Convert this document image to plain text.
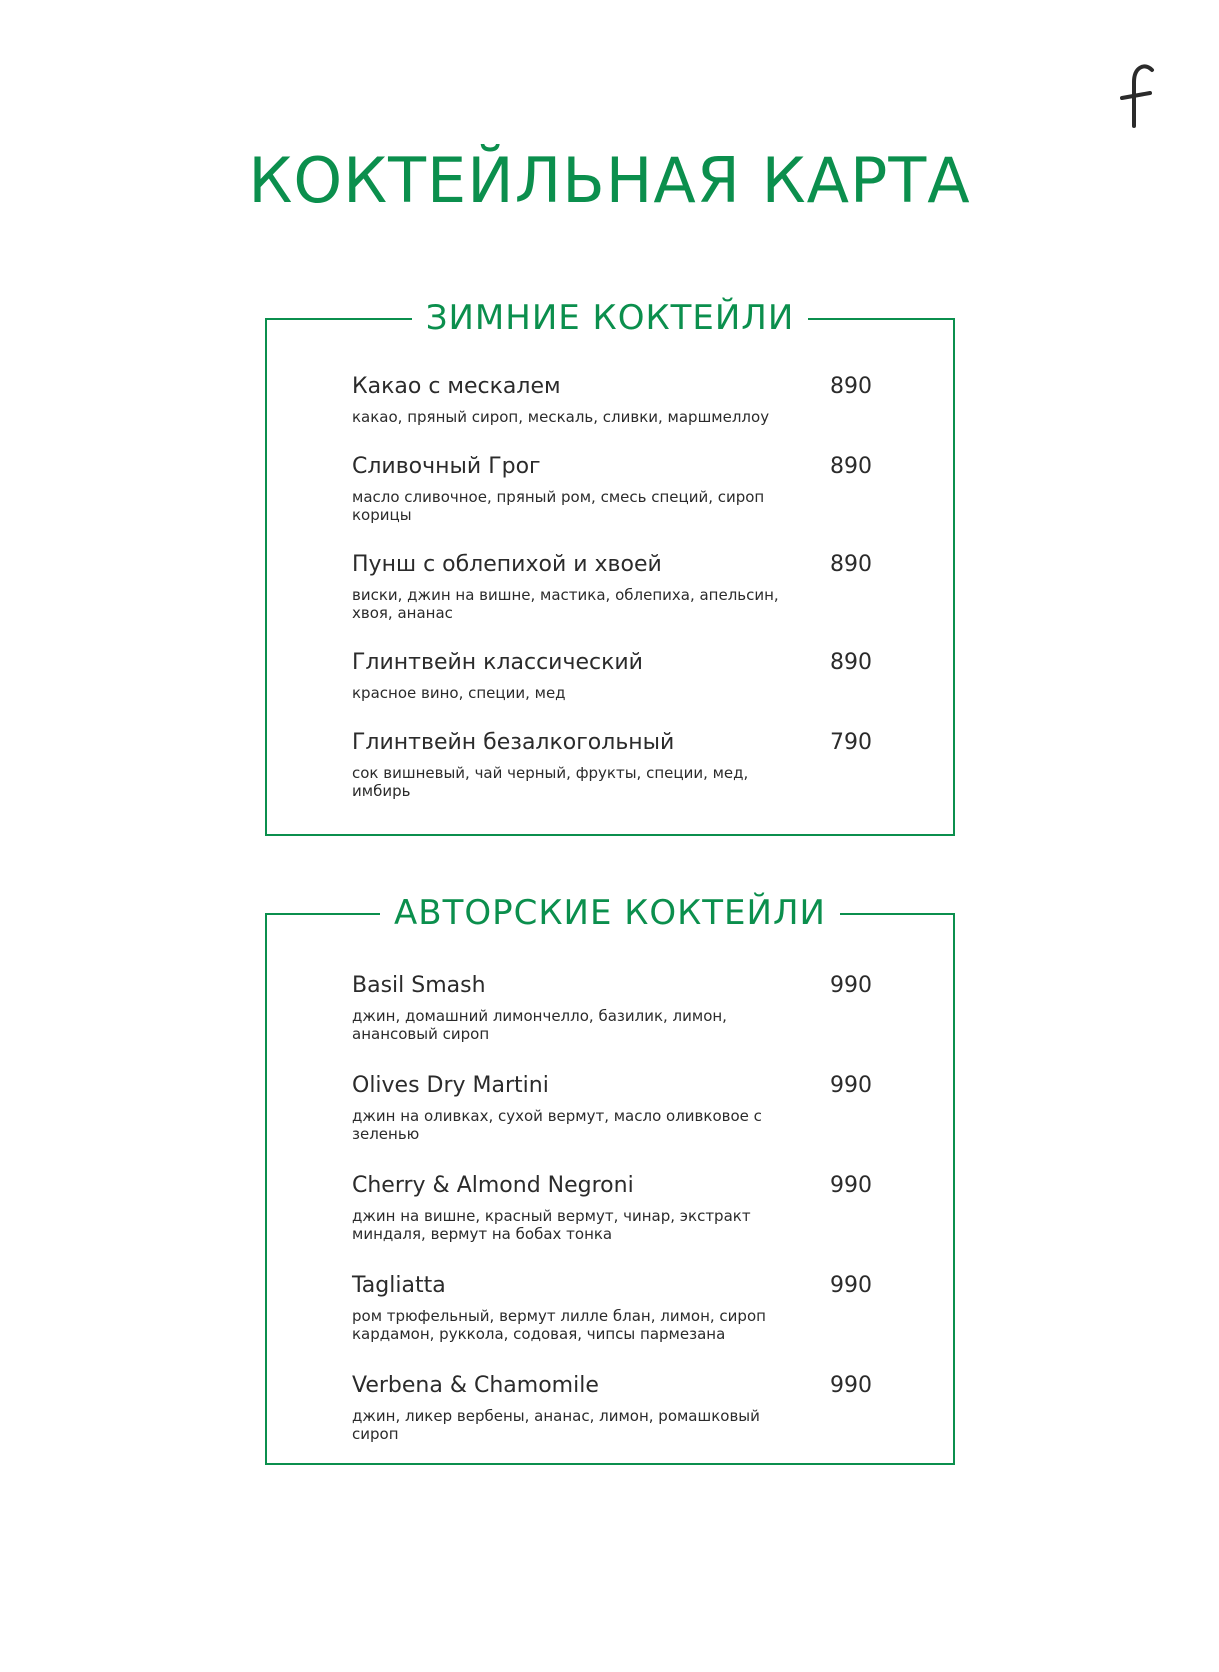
КОКТЕЙЛЬНАЯ КАРТА
ЗИМНИЕ КОКТЕЙЛИ
Какао с мескалем	890
какао, пряный сироп, мескаль, сливки, маршмеллоу
Сливочный Грог	890
масло сливочное, пряный ром, смесь специй, сироп корицы
Пунш с облепихой и хвоей	890
виски, джин на вишне, мастика, облепиха, апельсин, хвоя, ананас
Глинтвейн классический	890
красное вино, специи, мед
Глинтвейн безалкогольный	790
сок вишневый, чай черный, фрукты, специи, мед, имбирь
АВТОРСКИЕ КОКТЕЙЛИ
Basil Smash	990
джин, домашний лимончелло, базилик, лимон, анансовый сироп
Olives Dry Martini	990
джин на оливках, сухой вермут, масло оливковое с зеленью
Cherry & Almond Negroni	990
джин на вишне, красный вермут, чинар, экстракт миндаля, вермут на бобах тонка
Tagliatta	990
ром трюфельный, вермут лилле блан, лимон, сироп кардамон, руккола, содовая, чипсы пармезана
Verbena & Chamomile	990
джин, ликер вербены, ананас, лимон, ромашковый сироп
